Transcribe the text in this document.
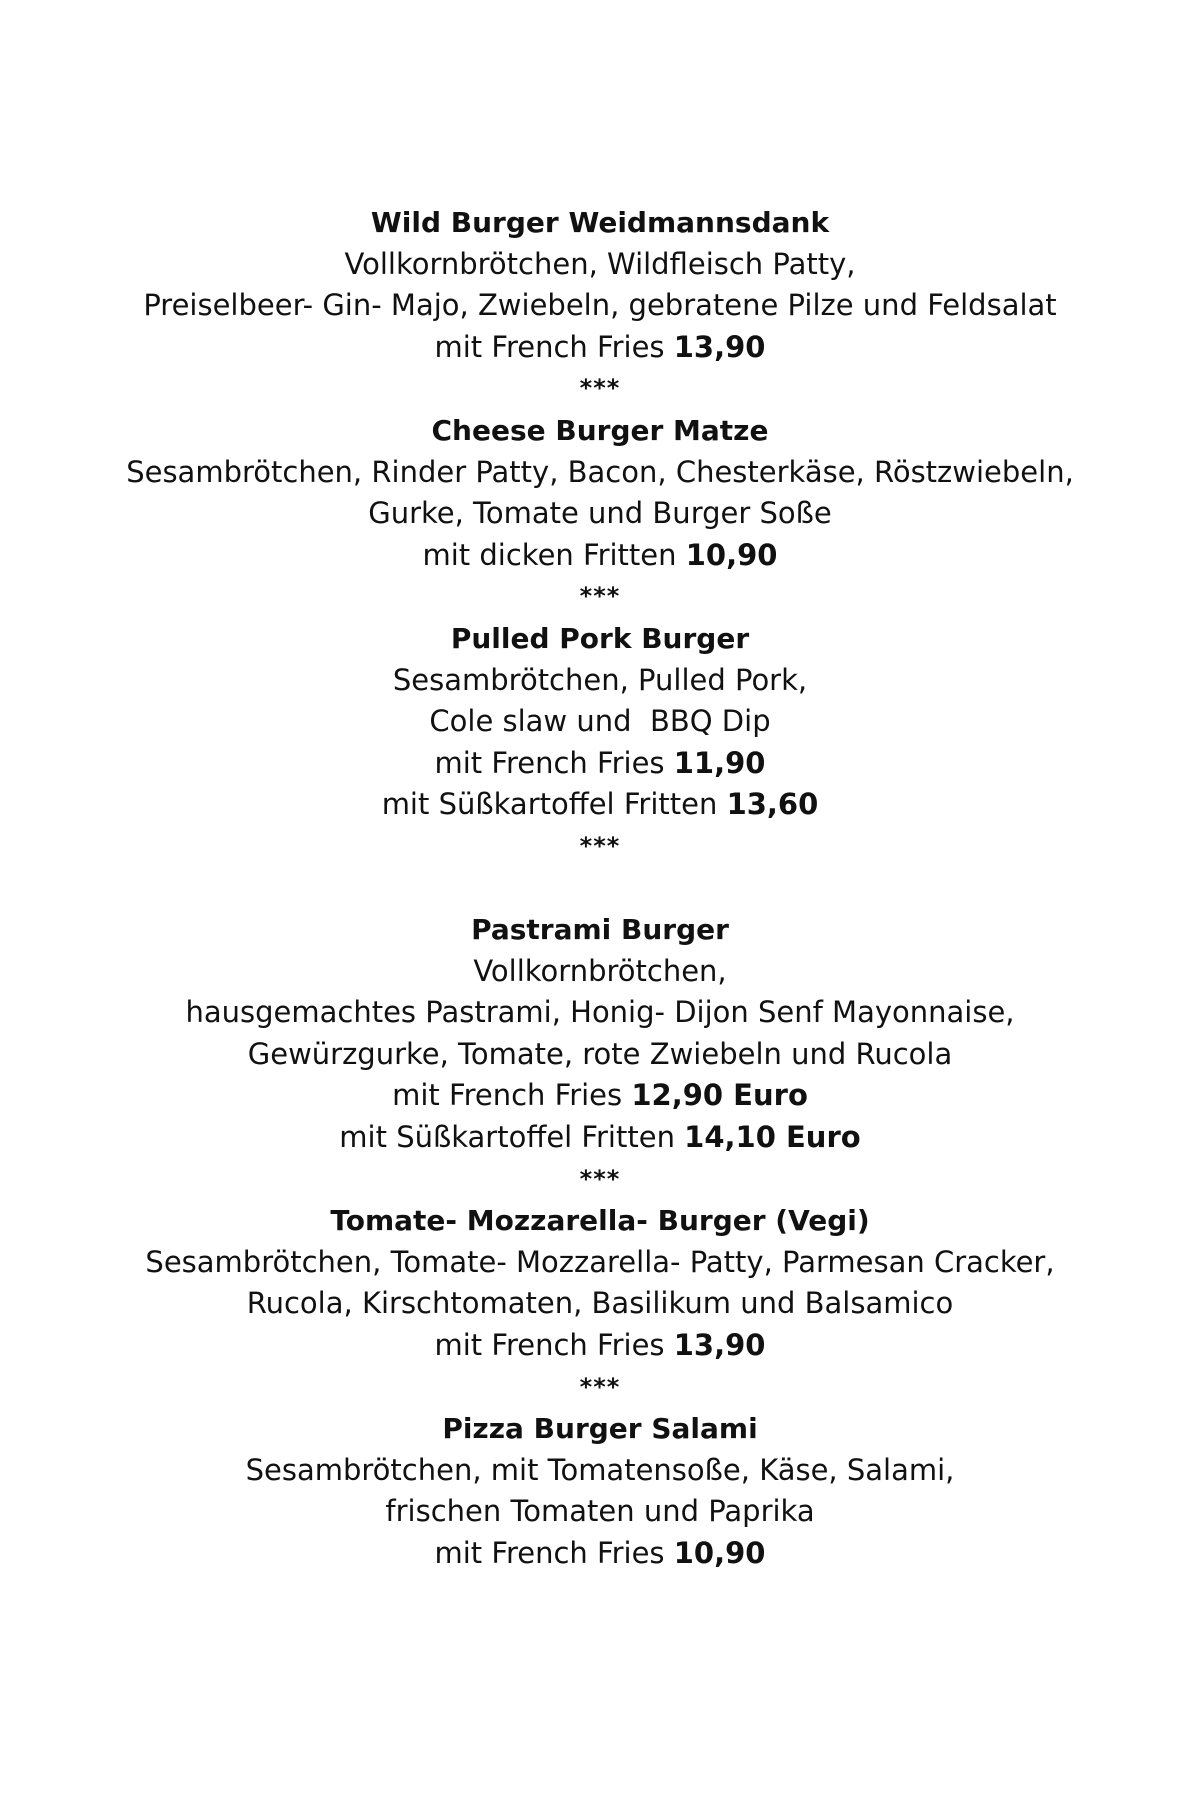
Wild Burger Weidmannsdank
Vollkornbrötchen, Wildfleisch Patty,
Preiselbeer- Gin- Majo, Zwiebeln, gebratene Pilze und Feldsalat
mit French Fries 13,90
***
Cheese Burger Matze
Sesambrötchen, Rinder Patty, Bacon, Chesterkäse, Röstzwiebeln,
Gurke, Tomate und Burger Soße
mit dicken Fritten 10,90
***
Pulled Pork Burger
Sesambrötchen, Pulled Pork,
Cole slaw und  BBQ Dip
mit French Fries 11,90
mit Süßkartoffel Fritten 13,60
***
Pastrami Burger
Vollkornbrötchen,
hausgemachtes Pastrami, Honig- Dijon Senf Mayonnaise,
Gewürzgurke, Tomate, rote Zwiebeln und Rucola
mit French Fries 12,90 Euro
mit Süßkartoffel Fritten 14,10 Euro
***
Tomate- Mozzarella- Burger (Vegi)
Sesambrötchen, Tomate- Mozzarella- Patty, Parmesan Cracker,
Rucola, Kirschtomaten, Basilikum und Balsamico
mit French Fries 13,90
***
Pizza Burger Salami
Sesambrötchen, mit Tomatensoße, Käse, Salami,
frischen Tomaten und Paprika
mit French Fries 10,90
